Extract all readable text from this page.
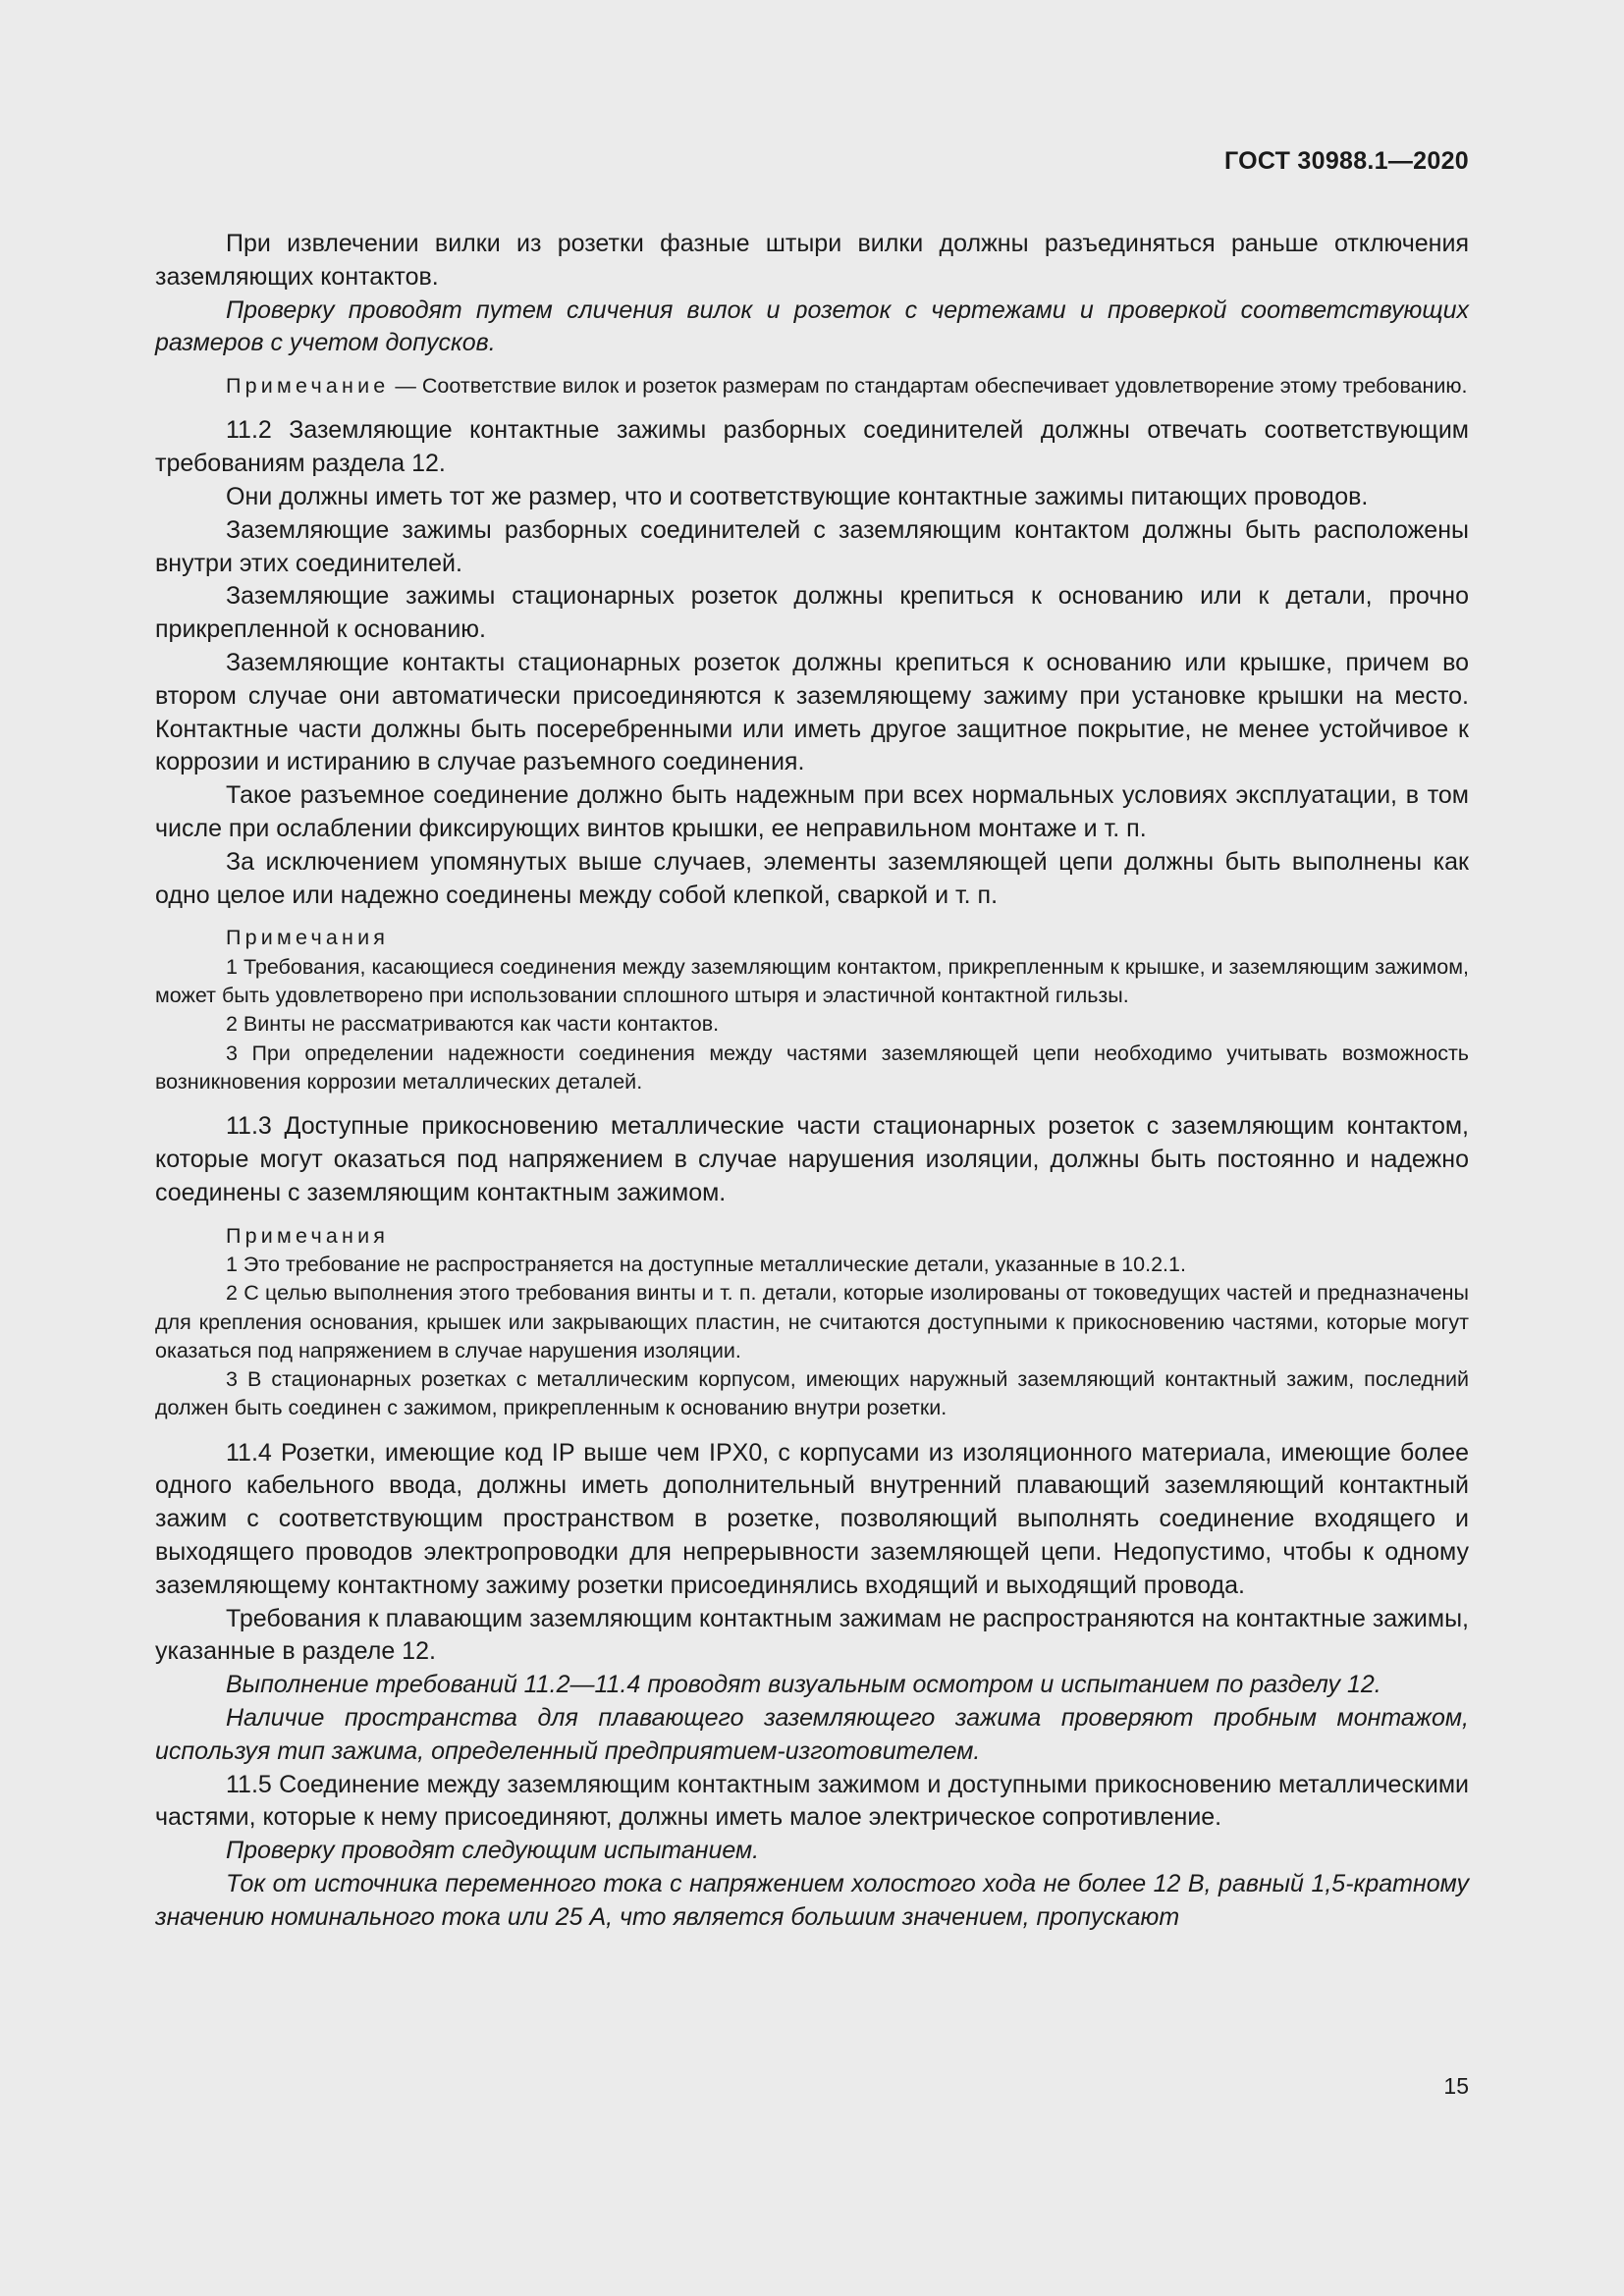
ГОСТ 30988.1—2020

При извлечении вилки из розетки фазные штыри вилки должны разъединяться раньше отключения заземляющих контактов.

Проверку проводят путем сличения вилок и розеток с чертежами и проверкой соответствующих размеров с учетом допусков.

Примечание — Соответствие вилок и розеток размерам по стандартам обеспечивает удовлетворение этому требованию.

11.2 Заземляющие контактные зажимы разборных соединителей должны отвечать соответствующим требованиям раздела 12.

Они должны иметь тот же размер, что и соответствующие контактные зажимы питающих проводов.

Заземляющие зажимы разборных соединителей с заземляющим контактом должны быть расположены внутри этих соединителей.

Заземляющие зажимы стационарных розеток должны крепиться к основанию или к детали, прочно прикрепленной к основанию.

Заземляющие контакты стационарных розеток должны крепиться к основанию или крышке, причем во втором случае они автоматически присоединяются к заземляющему зажиму при установке крышки на место. Контактные части должны быть посеребренными или иметь другое защитное покрытие, не менее устойчивое к коррозии и истиранию в случае разъемного соединения.

Такое разъемное соединение должно быть надежным при всех нормальных условиях эксплуатации, в том числе при ослаблении фиксирующих винтов крышки, ее неправильном монтаже и т. п.

За исключением упомянутых выше случаев, элементы заземляющей цепи должны быть выполнены как одно целое или надежно соединены между собой клепкой, сваркой и т. п.

Примечания

1 Требования, касающиеся соединения между заземляющим контактом, прикрепленным к крышке, и заземляющим зажимом, может быть удовлетворено при использовании сплошного штыря и эластичной контактной гильзы.

2 Винты не рассматриваются как части контактов.

3 При определении надежности соединения между частями заземляющей цепи необходимо учитывать возможность возникновения коррозии металлических деталей.

11.3 Доступные прикосновению металлические части стационарных розеток с заземляющим контактом, которые могут оказаться под напряжением в случае нарушения изоляции, должны быть постоянно и надежно соединены с заземляющим контактным зажимом.

Примечания

1 Это требование не распространяется на доступные металлические детали, указанные в 10.2.1.

2 С целью выполнения этого требования винты и т. п. детали, которые изолированы от токоведущих частей и предназначены для крепления основания, крышек или закрывающих пластин, не считаются доступными к прикосновению частями, которые могут оказаться под напряжением в случае нарушения изоляции.

3 В стационарных розетках с металлическим корпусом, имеющих наружный заземляющий контактный зажим, последний должен быть соединен с зажимом, прикрепленным к основанию внутри розетки.

11.4 Розетки, имеющие код IP выше чем IPX0, с корпусами из изоляционного материала, имеющие более одного кабельного ввода, должны иметь дополнительный внутренний плавающий заземляющий контактный зажим с соответствующим пространством в розетке, позволяющий выполнять соединение входящего и выходящего проводов электропроводки для непрерывности заземляющей цепи. Недопустимо, чтобы к одному заземляющему контактному зажиму розетки присоединялись входящий и выходящий провода.

Требования к плавающим заземляющим контактным зажимам не распространяются на контактные зажимы, указанные в разделе 12.

Выполнение требований 11.2—11.4 проводят визуальным осмотром и испытанием по разделу 12.

Наличие пространства для плавающего заземляющего зажима проверяют пробным монтажом, используя тип зажима, определенный предприятием-изготовителем.

11.5 Соединение между заземляющим контактным зажимом и доступными прикосновению металлическими частями, которые к нему присоединяют, должны иметь малое электрическое сопротивление.

Проверку проводят следующим испытанием.

Ток от источника переменного тока с напряжением холостого хода не более 12 В, равный 1,5-кратному значению номинального тока или 25 А, что является большим значением, пропускают

15
